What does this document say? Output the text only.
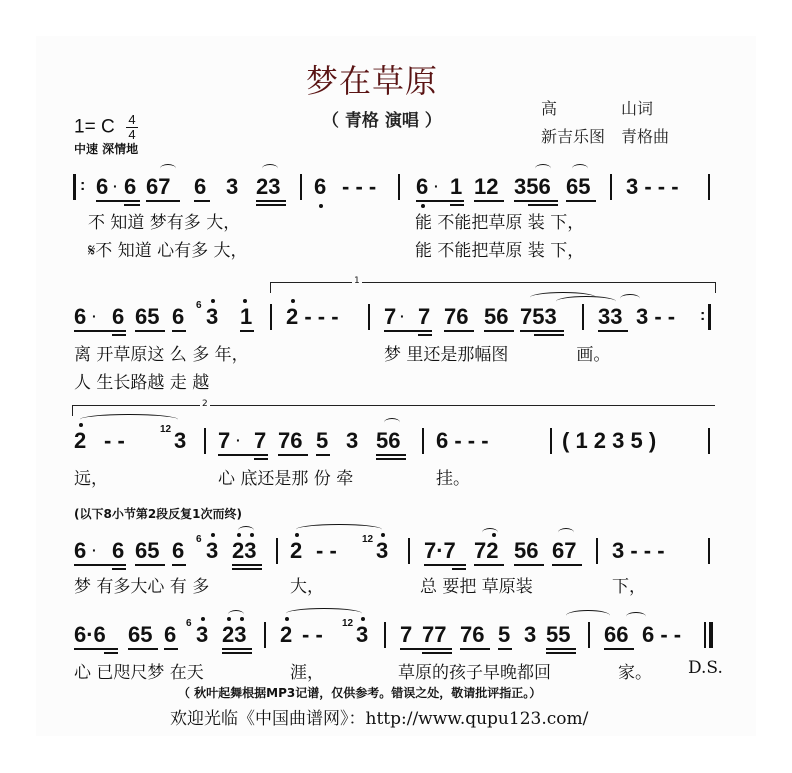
梦在草原
（ 青格 演唱 ）
高　　　　山词
新吉乐图　青格曲
1= C $\frac{4}{4}$
中速 深情地
: 6 · 6 67 6 3 23 6 - - - 6 · 1 12 356 65 3 - - -
不 知道 梦有多 大，
𝄋不 知道 心有多 大，
能 不能把草原 装 下，
能 不能把草原 装 下，
1
6 · 6 65 6 6 3 1 2 - - - 7 · 7 76 56 753 33 3 - - :
离 开草原这 么 多 年，
人 生长路越 走 越
梦 里还是那幅图　　　　画。
2
2 - -	12 3 7 · 7 76 5 3 56 6 - - -	( 1 2 3 5 )
远，	心 底还是那 份 牵	挂。
(以下8小节第2段反复1次而终)
6 · 6 65 6 6 3 23 2 - -	12 3 7·7 72 56 67 3 - - -
梦 有多大心 有 多	大，	总 要把 草原装	下，
6·6 65 6 6 3 23 2 - - 12 3 7 77 76 5 3 55 66 6 - -
心 已咫尺梦 在天	涯，	草原的孩子早晚都回	家。 D.S.
（ 秋叶起舞根据MP3记谱，仅供参考。错误之处，敬请批评指正。）
欢迎光临《中国曲谱网》：http://www.qupu123.com/
